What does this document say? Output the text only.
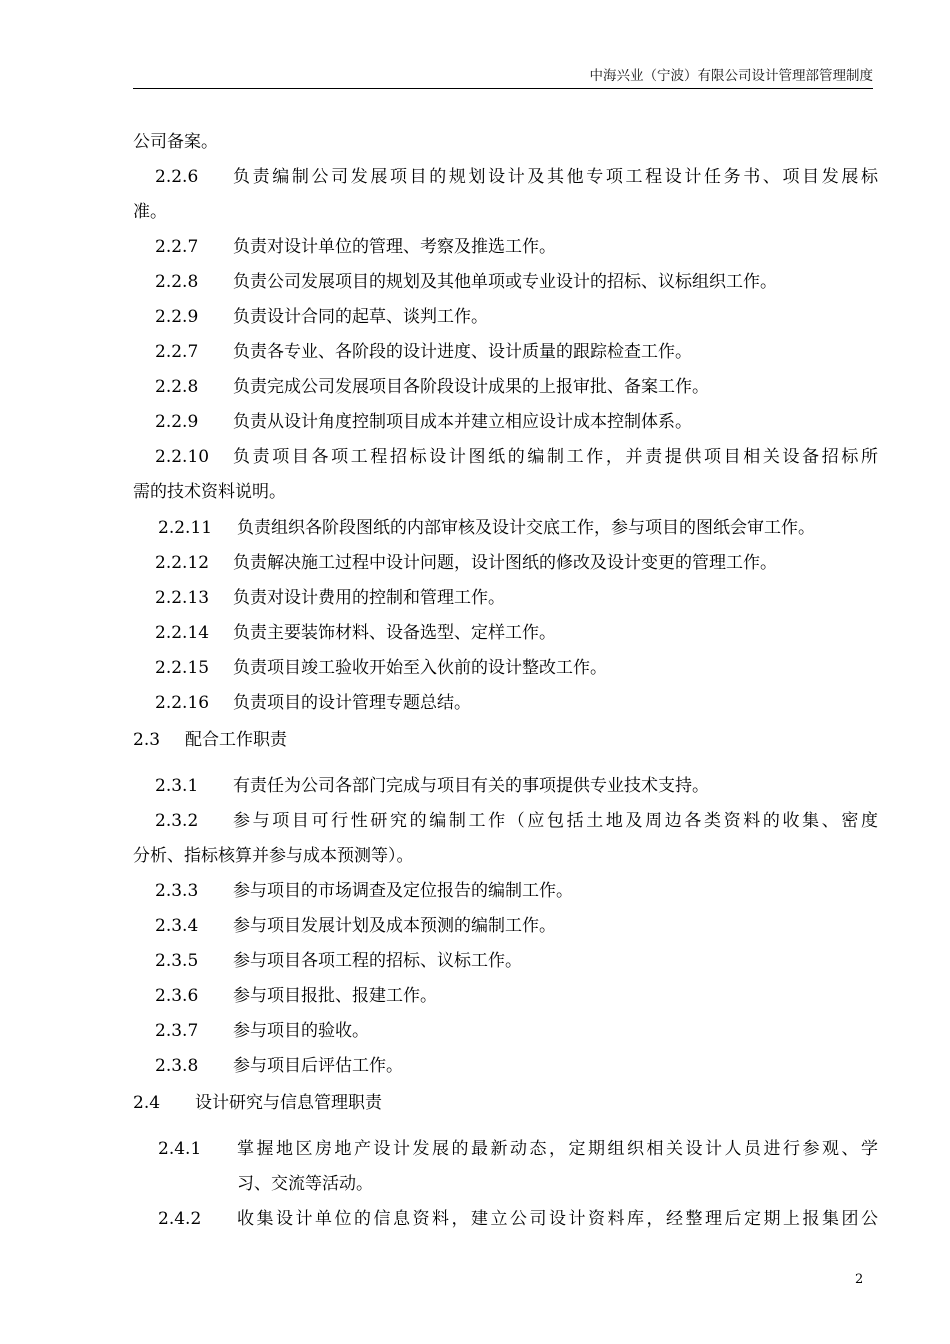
中海兴业（宁波）有限公司设计管理部管理制度
公司备案。
2.2.6 负责编制公司发展项目的规划设计及其他专项工程设计任务书、项目发展标
准。
2.2.7 负责对设计单位的管理、考察及推选工作。
2.2.8 负责公司发展项目的规划及其他单项或专业设计的招标、议标组织工作。
2.2.9 负责设计合同的起草、谈判工作。
2.2.7 负责各专业、各阶段的设计进度、设计质量的跟踪检查工作。
2.2.8 负责完成公司发展项目各阶段设计成果的上报审批、备案工作。
2.2.9 负责从设计角度控制项目成本并建立相应设计成本控制体系。
2.2.10 负责项目各项工程招标设计图纸的编制工作，并责提供项目相关设备招标所
需的技术资料说明。
2.2.11 负责组织各阶段图纸的内部审核及设计交底工作，参与项目的图纸会审工作。
2.2.12 负责解决施工过程中设计问题，设计图纸的修改及设计变更的管理工作。
2.2.13 负责对设计费用的控制和管理工作。
2.2.14 负责主要装饰材料、设备选型、定样工作。
2.2.15 负责项目竣工验收开始至入伙前的设计整改工作。
2.2.16 负责项目的设计管理专题总结。
2.3 配合工作职责
2.3.1 有责任为公司各部门完成与项目有关的事项提供专业技术支持。
2.3.2 参与项目可行性研究的编制工作（应包括土地及周边各类资料的收集、密度
分析、指标核算并参与成本预测等）。
2.3.3 参与项目的市场调查及定位报告的编制工作。
2.3.4 参与项目发展计划及成本预测的编制工作。
2.3.5 参与项目各项工程的招标、议标工作。
2.3.6 参与项目报批、报建工作。
2.3.7 参与项目的验收。
2.3.8 参与项目后评估工作。
2.4 设计研究与信息管理职责
2.4.1 掌握地区房地产设计发展的最新动态，定期组织相关设计人员进行参观、学
习、交流等活动。
2.4.2 收集设计单位的信息资料，建立公司设计资料库，经整理后定期上报集团公
2
